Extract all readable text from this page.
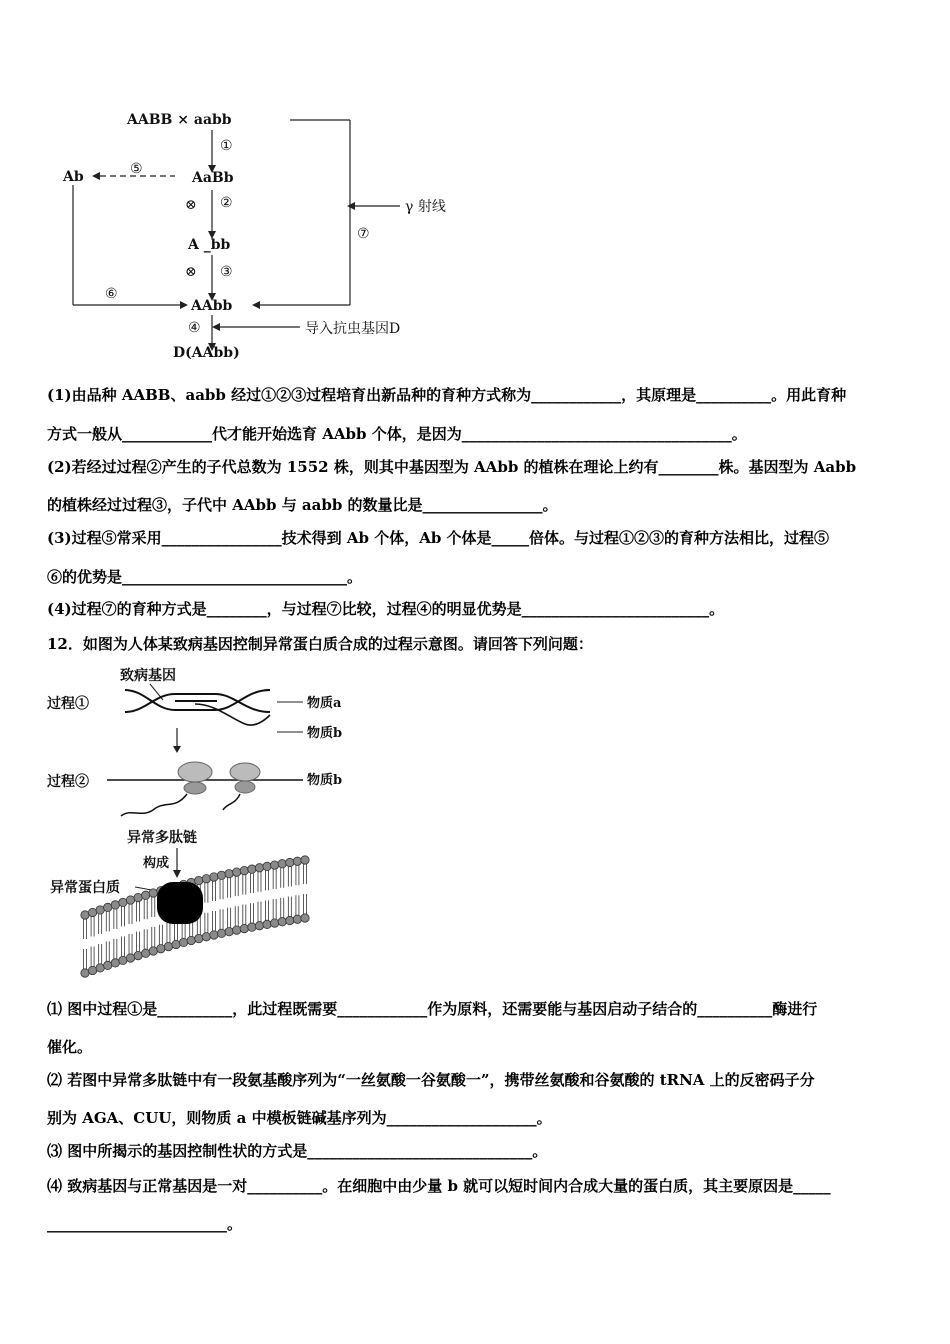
AABB × aabb
①
AaBb
⑤
Ab
⊗ ②
A _bb
⊗ ③
⑥
AAbb
④	导入抗虫基因D
D(AAbb)
γ 射线
⑦
(1)由品种 AABB、aabb 经过①②③过程培育出新品种的育种方式称为____________，其原理是__________。用此育种
方式一般从____________代才能开始选育 AAbb 个体，是因为____________________________________。
(2)若经过过程②产生的子代总数为 1552 株，则其中基因型为 AAbb 的植株在理论上约有________株。基因型为 Aabb
的植株经过过程③，子代中 AAbb 与 aabb 的数量比是________________。
(3)过程⑤常采用________________技术得到 Ab 个体，Ab 个体是_____倍体。与过程①②③的育种方法相比，过程⑤
⑥的优势是______________________________。
(4)过程⑦的育种方式是________，与过程⑦比较，过程④的明显优势是_________________________。
12．如图为人体某致病基因控制异常蛋白质合成的过程示意图。请回答下列问题：
致病基因
过程①	物质a
物质b
过程②	物质b
异常多肽链
构成
异常蛋白质
⑴ 图中过程①是__________，此过程既需要____________作为原料，还需要能与基因启动子结合的__________酶进行
催化。
⑵ 若图中异常多肽链中有一段氨基酸序列为“一丝氨酸一谷氨酸一”，携带丝氨酸和谷氨酸的 tRNA 上的反密码子分
别为 AGA、CUU，则物质 a 中模板链碱基序列为____________________。
⑶ 图中所揭示的基因控制性状的方式是______________________________。
⑷ 致病基因与正常基因是一对__________。在细胞中由少量 b 就可以短时间内合成大量的蛋白质，其主要原因是_____
________________________。
